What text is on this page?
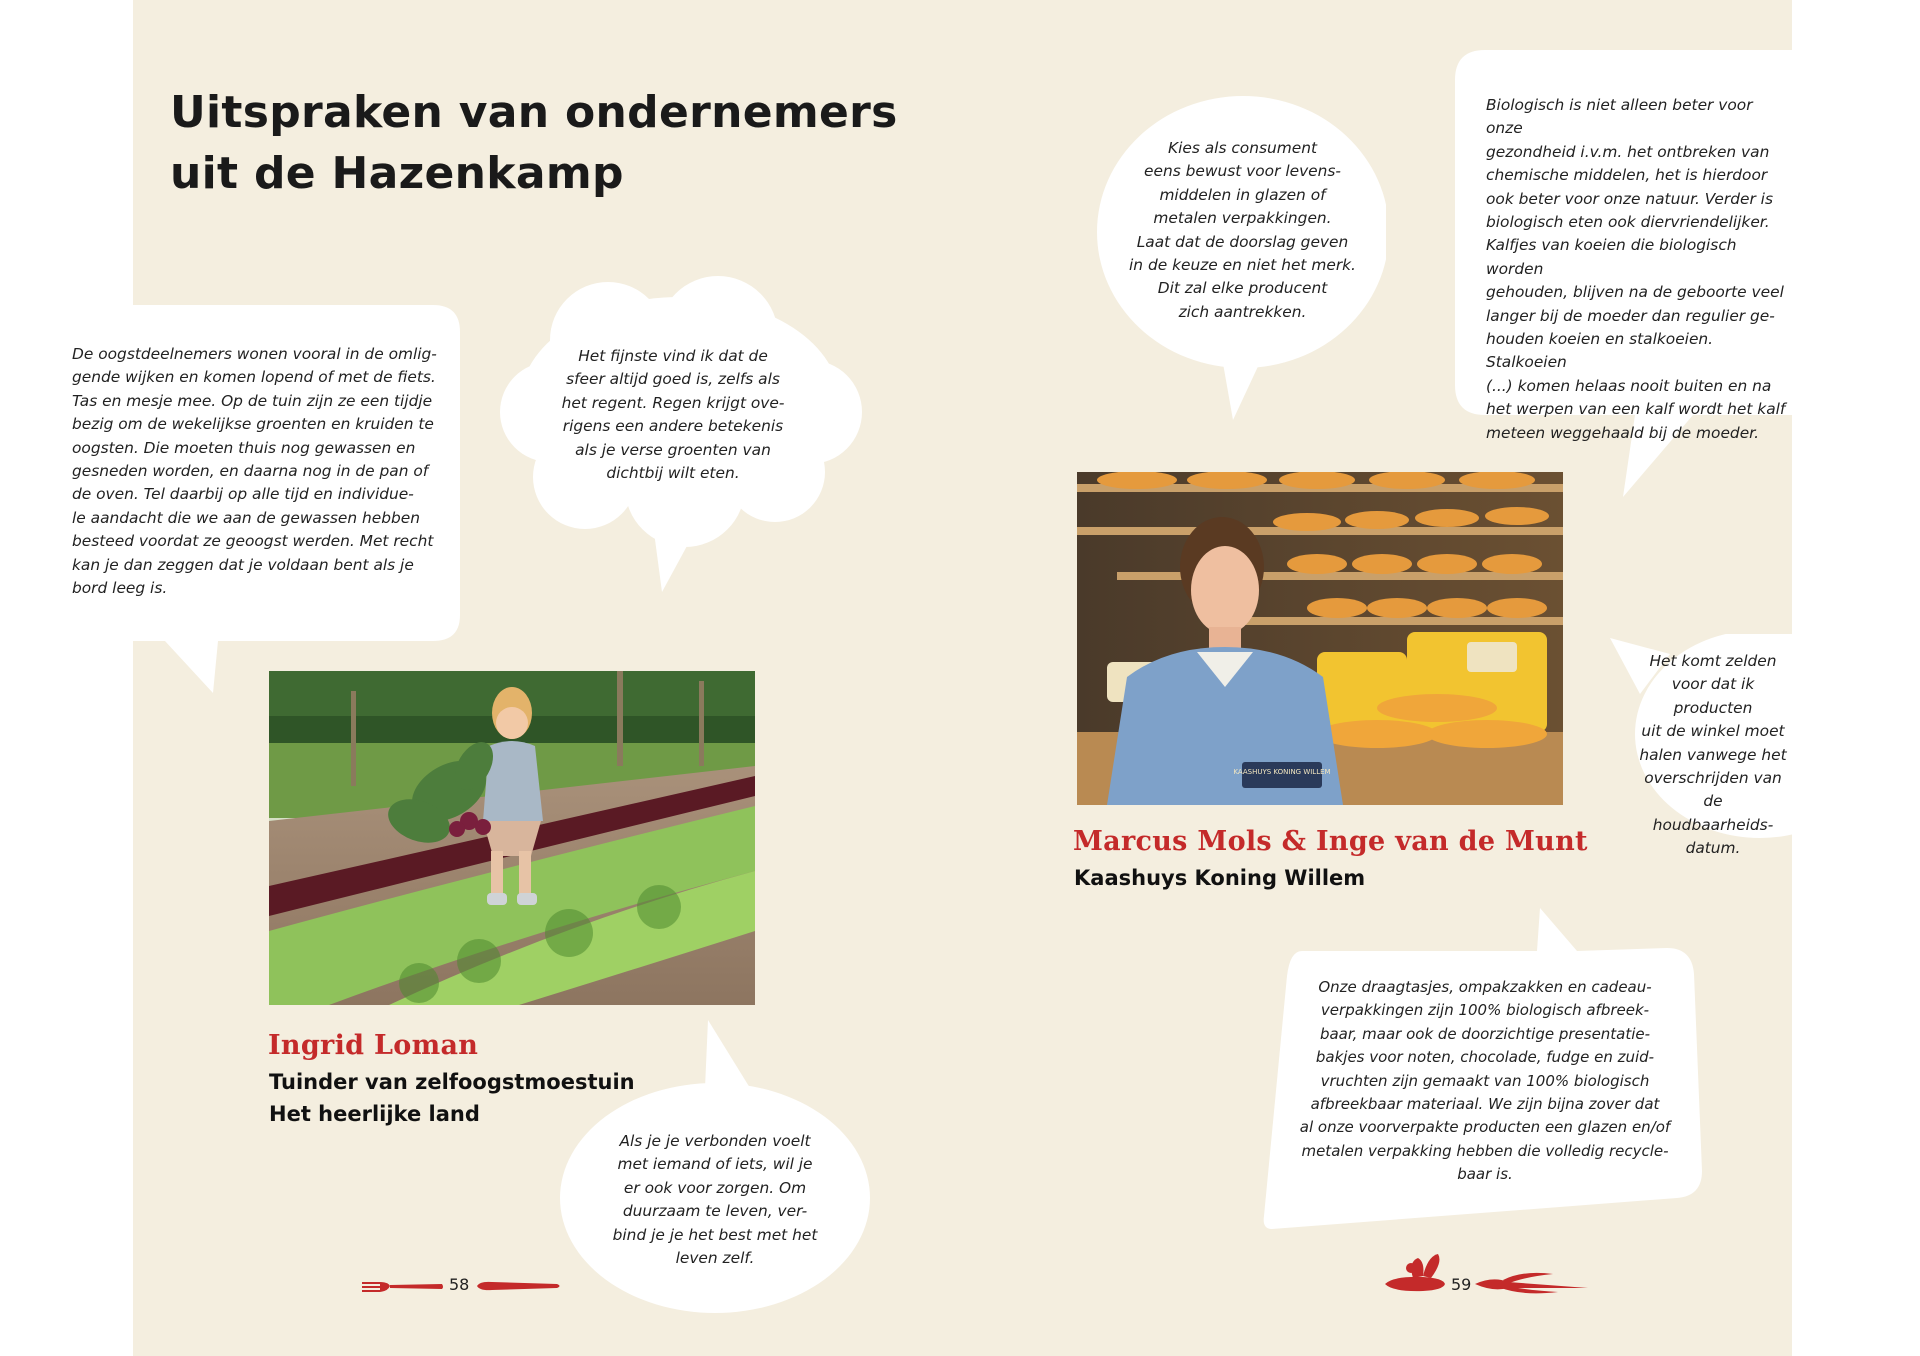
Uitspraken van ondernemers
uit de Hazenkamp
De oogstdeelnemers wonen vooral in de omlig-
gende wijken en komen lopend of met de fiets.
Tas en mesje mee. Op de tuin zijn ze een tijdje
bezig om de wekelijkse groenten en kruiden te
oogsten. Die moeten thuis nog gewassen en
gesneden worden, en daarna nog in de pan of
de oven. Tel daarbij op alle tijd en individue-
le aandacht die we aan de gewassen hebben
besteed voordat ze geoogst werden. Met recht
kan je dan zeggen dat je voldaan bent als je
bord leeg is.
Het fijnste vind ik dat de
sfeer altijd goed is, zelfs als
het regent. Regen krijgt ove-
rigens een andere betekenis
als je verse groenten van
dichtbij wilt eten.
Als je je verbonden voelt
met iemand of iets, wil je
er ook voor zorgen. Om
duurzaam te leven, ver-
bind je je het best met het
leven zelf.
Kies als consument
eens bewust voor levens-
middelen in glazen of
metalen verpakkingen.
Laat dat de doorslag geven
in de keuze en niet het merk.
Dit zal elke producent
zich aantrekken.
Biologisch is niet alleen beter voor onze
gezondheid i.v.m. het ontbreken van
chemische middelen, het is hierdoor
ook beter voor onze natuur. Verder is
biologisch eten ook diervriendelijker.
Kalfjes van koeien die biologisch worden
gehouden, blijven na de geboorte veel
langer bij de moeder dan regulier ge-
houden koeien en stalkoeien. Stalkoeien
(...) komen helaas nooit buiten en na
het werpen van een kalf wordt het kalf
meteen weggehaald bij de moeder.
Het komt zelden
voor dat ik producten
uit de winkel moet
halen vanwege het
overschrijden van de
houdbaarheids-
datum.
Onze draagtasjes, ompakzakken en cadeau-
verpakkingen zijn 100% biologisch afbreek-
baar, maar ook de doorzichtige presentatie-
bakjes voor noten, chocolade, fudge en zuid-
vruchten zijn gemaakt van 100% biologisch
afbreekbaar materiaal. We zijn bijna zover dat
al onze voorverpakte producten een glazen en/of
metalen verpakking hebben die volledig recycle-
baar is.
KAASHUYS KONING WILLEM
Ingrid Loman
Tuinder van zelfoogstmoestuin
Het heerlijke land
Marcus Mols & Inge van de Munt
Kaashuys Koning Willem
58	59
